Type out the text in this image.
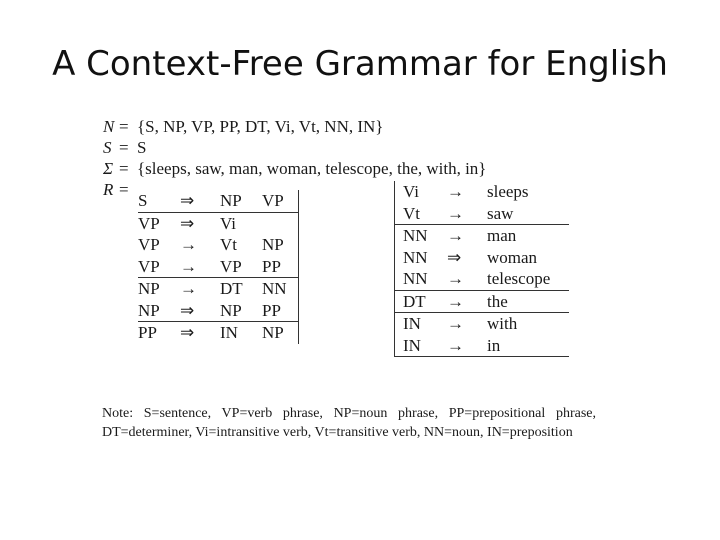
A Context-Free Grammar for English
N = {S, NP, VP, PP, DT, Vi, Vt, NN, IN}
S = S
Σ = {sleeps, saw, man, woman, telescope, the, with, in}
R =
S	⇒	NP	VP
VP	⇒	Vi	
VP	→	Vt	NP
VP	→	VP	PP
NP	→	DT	NN
NP	⇒	NP	PP
PP	⇒	IN	NP
Vi	→	sleeps
Vt	→	saw
NN	→	man
NN	⇒	woman
NN	→	telescope
DT	→	the
IN	→	with
IN	→	in
Note: S=sentence, VP=verb phrase, NP=noun phrase, PP=prepositional phrase, DT=determiner, Vi=intransitive verb, Vt=transitive verb, NN=noun, IN=preposition
